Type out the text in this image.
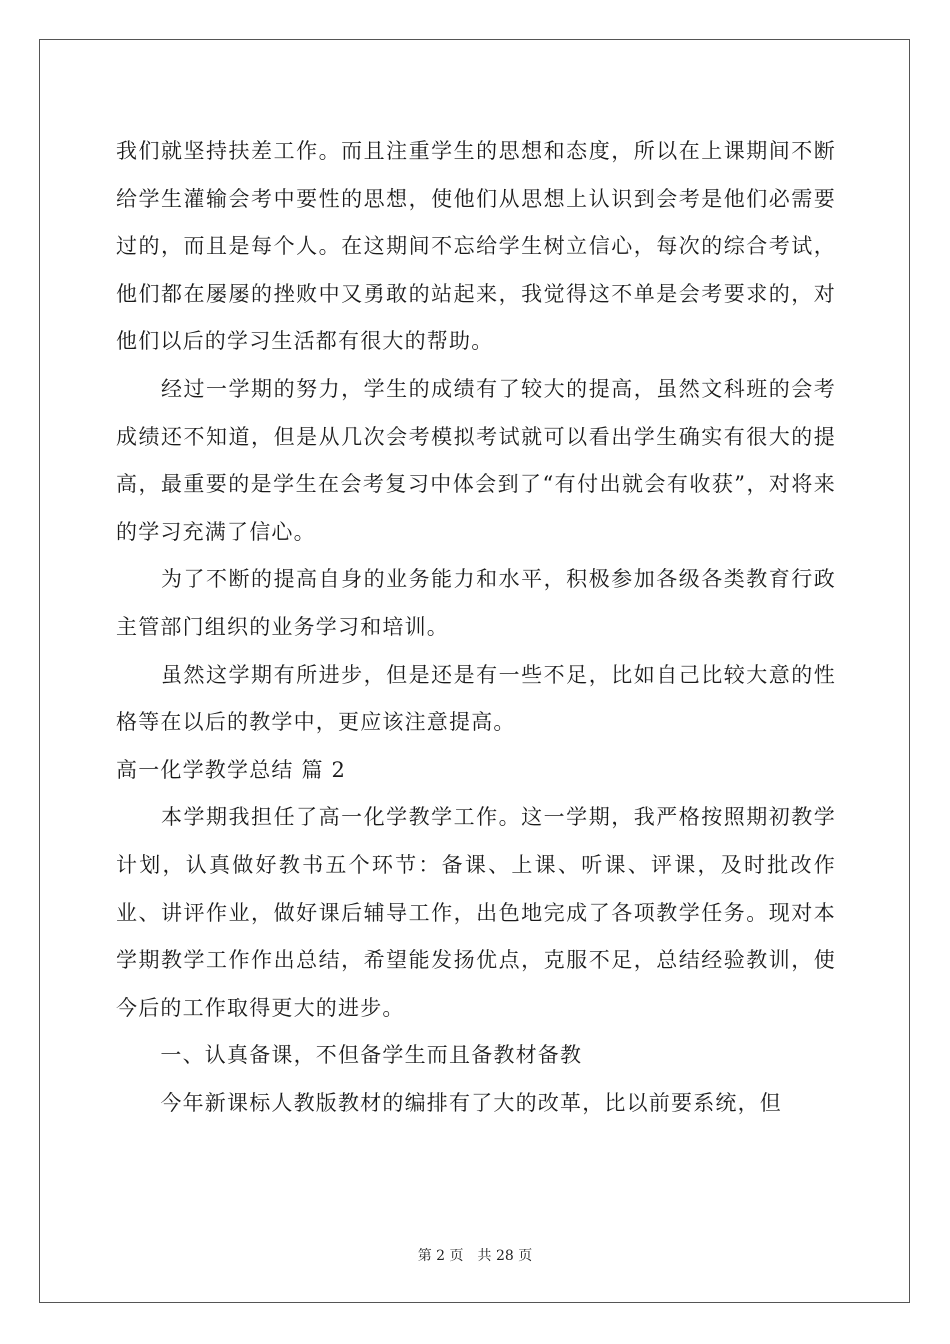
我们就坚持扶差工作。而且注重学生的思想和态度，所以在上课期间不断给学生灌输会考中要性的思想，使他们从思想上认识到会考是他们必需要过的，而且是每个人。在这期间不忘给学生树立信心，每次的综合考试，他们都在屡屡的挫败中又勇敢的站起来，我觉得这不单是会考要求的，对他们以后的学习生活都有很大的帮助。

　　经过一学期的努力，学生的成绩有了较大的提高，虽然文科班的会考成绩还不知道，但是从几次会考模拟考试就可以看出学生确实有很大的提高，最重要的是学生在会考复习中体会到了“有付出就会有收获”，对将来的学习充满了信心。

　　为了不断的提高自身的业务能力和水平，积极参加各级各类教育行政主管部门组织的业务学习和培训。

　　虽然这学期有所进步，但是还是有一些不足，比如自己比较大意的性格等在以后的教学中，更应该注意提高。

高一化学教学总结 篇 2

　　本学期我担任了高一化学教学工作。这一学期，我严格按照期初教学计划，认真做好教书五个环节：备课、上课、听课、评课，及时批改作业、讲评作业，做好课后辅导工作，出色地完成了各项教学任务。现对本学期教学工作作出总结，希望能发扬优点，克服不足，总结经验教训，使今后的工作取得更大的进步。

　　一、认真备课，不但备学生而且备教材备教

　　今年新课标人教版教材的编排有了大的改革，比以前要系统，但

第 2 页　共 28 页
